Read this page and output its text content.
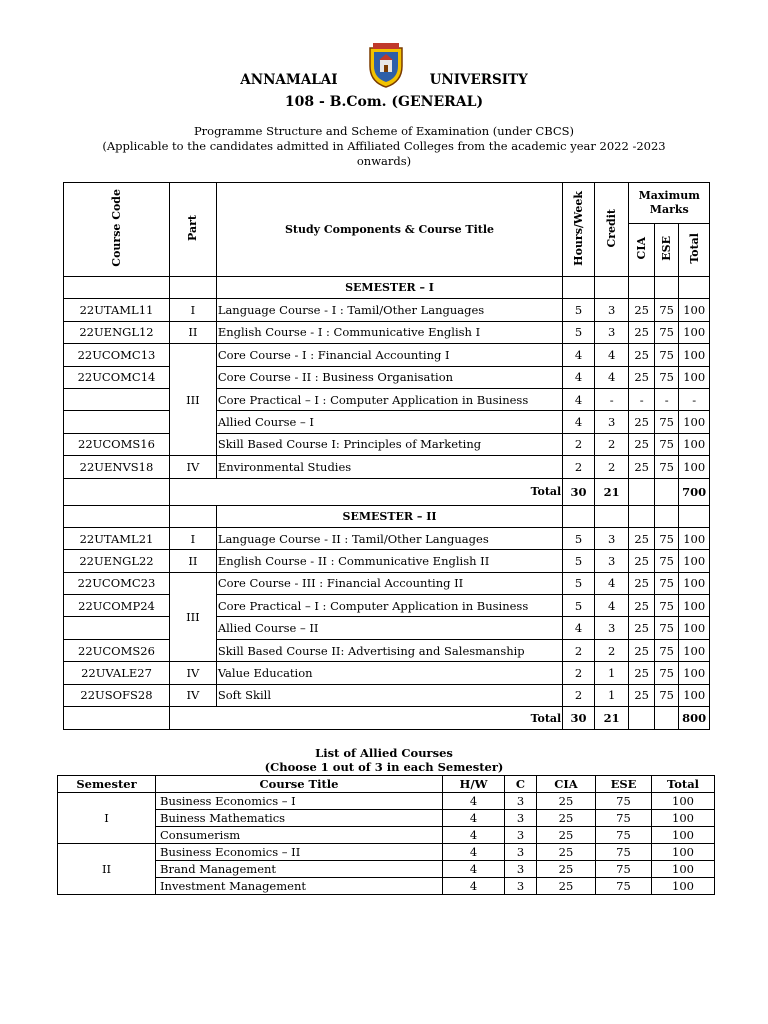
ANNAMALAI	UNIVERSITY
108 - B.Com. (GENERAL)
Programme Structure and Scheme of Examination (under CBCS)
(Applicable to the candidates admitted in Affiliated Colleges from the academic year 2022 -2023
onwards)
Course Code	Part	Study Components & Course Title	Hours/Week	Credit	Maximum Marks		
					CIA	ESE	Total
		SEMESTER – I					
22UTAML11	I	Language Course - I : Tamil/Other Languages	5	3	25	75	100
22UENGL12	II	English Course - I : Communicative English I	5	3	25	75	100
22UCOMC13	III	Core Course - I : Financial Accounting I	4	4	25	75	100
22UCOMC14		Core Course - II : Business Organisation	4	4	25	75	100
		Core Practical – I : Computer Application in Business	4	-	-	-	-
		Allied Course – I	4	3	25	75	100
22UCOMS16		Skill Based Course I: Principles of Marketing	2	2	25	75	100
22UENVS18	IV	Environmental Studies	2	2	25	75	100
	Total		30	21			700
		SEMESTER – II					
22UTAML21	I	Language Course - II : Tamil/Other Languages	5	3	25	75	100
22UENGL22	II	English Course - II : Communicative English II	5	3	25	75	100
22UCOMC23	III	Core Course - III : Financial Accounting II	5	4	25	75	100
22UCOMP24		Core Practical – I : Computer Application in Business	5	4	25	75	100
		Allied Course – II	4	3	25	75	100
22UCOMS26		Skill Based Course II: Advertising and Salesmanship	2	2	25	75	100
22UVALE27	IV	Value Education	2	1	25	75	100
22USOFS28	IV	Soft Skill	2	1	25	75	100
	Total		30	21			800
List of Allied Courses
(Choose 1 out of 3 in each Semester)
Semester	Course Title	H/W	C	CIA	ESE	Total
I	Business Economics – I	4	3	25	75	100
	Buiness Mathematics	4	3	25	75	100
	Consumerism	4	3	25	75	100
II	Business Economics – II	4	3	25	75	100
	Brand Management	4	3	25	75	100
	Investment Management	4	3	25	75	100
